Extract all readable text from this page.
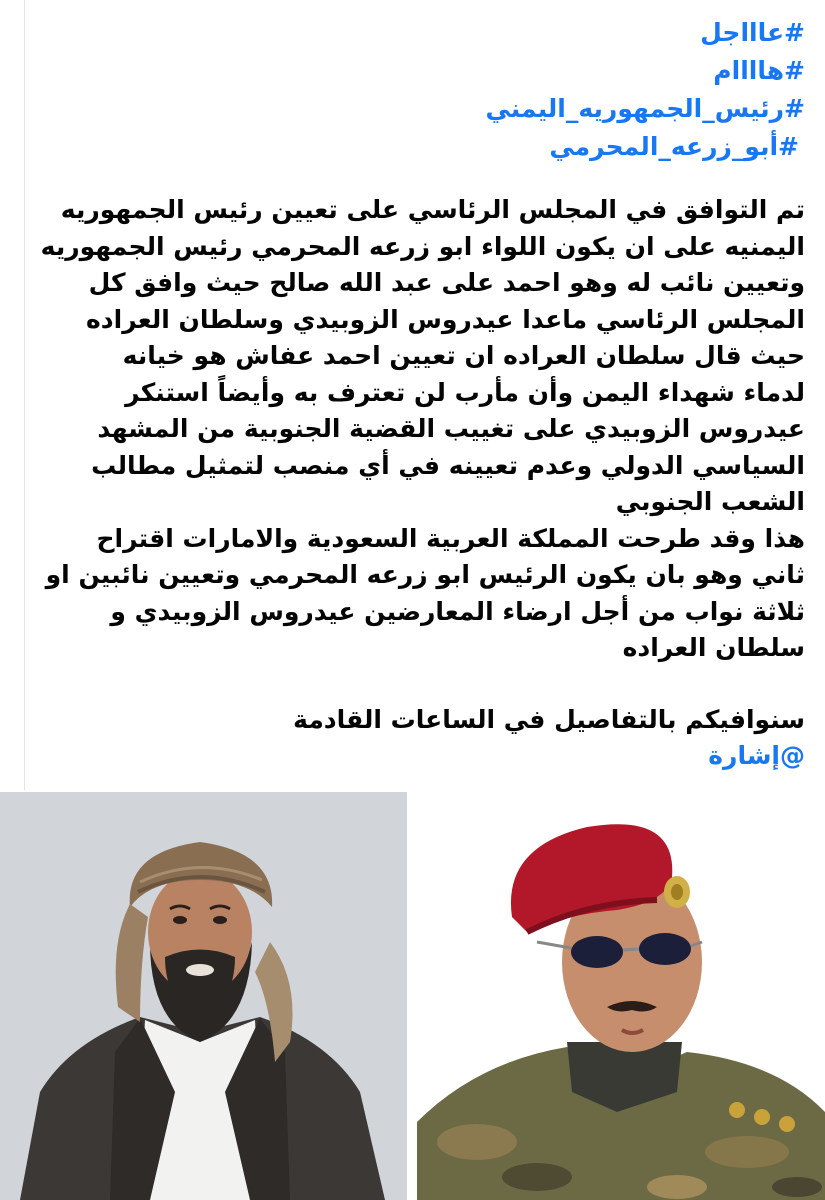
#عاااجل
#هاااام
#رئيس_الجمهوريه_اليمني
#أبو_زرعه_المحرمي
تم التوافق في المجلس الرئاسي على تعيين رئيس الجمهوريه
اليمنيه على ان يكون اللواء ابو زرعه المحرمي رئيس الجمهوريه
وتعيين نائب له وهو احمد على عبد الله صالح حيث وافق كل
المجلس الرئاسي ماعدا عيدروس الزوبيدي وسلطان العراده
حيث قال سلطان العراده ان تعيين احمد عفاش هو خيانه
لدماء شهداء اليمن وأن مأرب لن تعترف به وأيضاً استنكر
عيدروس الزوبيدي على تغييب القضية الجنوبية من المشهد
السياسي الدولي وعدم تعيينه في أي منصب لتمثيل مطالب
الشعب الجنوبي
هذا وقد طرحت المملكة العربية السعودية والامارات اقتراح
ثاني وهو بان يكون الرئيس ابو زرعه المحرمي وتعيين نائبين او
ثلاثة نواب من أجل ارضاء المعارضين عيدروس الزوبيدي و
سلطان العراده
سنوافيكم بالتفاصيل في الساعات القادمة
@إشارة
